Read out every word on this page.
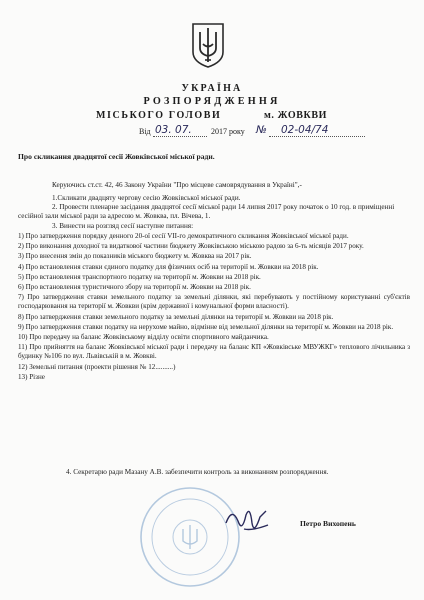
УКРАЇНА
РОЗПОРЯДЖЕННЯ
МІСЬКОГО ГОЛОВИ	м. ЖОВКВИ
Від 03. 07. 2017 року № 02-04/74
Про скликання двадцятої сесії Жовківської міської ради.
Керуючись ст.ст. 42, 46 Закону України "Про місцеве самоврядування в Україні",-
1.Скликати двадцяту чергову сесію Жовківської міської ради.
2. Провести пленарне засідання двадцятої сесії міської ради 14 липня 2017 року початок о 10 год. в приміщенні сесійної зали міської ради за адресою м. Жовква, пл. Вічева, 1.
3. Винести на розгляд сесії наступне питання:
1) Про затвердження порядку денного 20-ої сесії VII-го демократичного скликання Жовківської міської ради.
2) Про виконання доходної та видаткової частини бюджету Жовківською міською радою за 6-ть місяців 2017 року.
3) Про внесення змін до показників міського бюджету м. Жовква на 2017 рік.
4) Про встановлення ставки єдиного податку для фізичних осіб на території м. Жовкви на 2018 рік.
5) Про встановлення транспортного податку на території м. Жовкви на 2018 рік.
6) Про встановлення туристичного збору на території м. Жовкви на 2018 рік.
7) Про затвердження ставки земельного податку за земельні ділянки, які перебувають у постійному користуванні суб'єктів господарювання на території м. Жовкви (крім державної і комунальної форми власності).
8) Про затвердження ставки земельного податку за земельні ділянки на території м. Жовкви на 2018 рік.
9) Про затвердження ставки податку на нерухоме майно, відмінне від земельної ділянки на території м. Жовкви на 2018 рік.
10) Про передачу на баланс Жовківському відділу освіти спортивного майданчика.
11) Про прийняття на баланс Жовківської міської ради і передачу на баланс КП «Жовківське МВУЖКГ» теплового лічильника з будинку №106 по вул. Львівській в м. Жовкві.
12) Земельні питання (проекти рішення № 12..........)
13) Різне
4. Секретарю ради Мазану А.В. забезпечити контроль за виконанням розпорядження.
Петро Вихопень
